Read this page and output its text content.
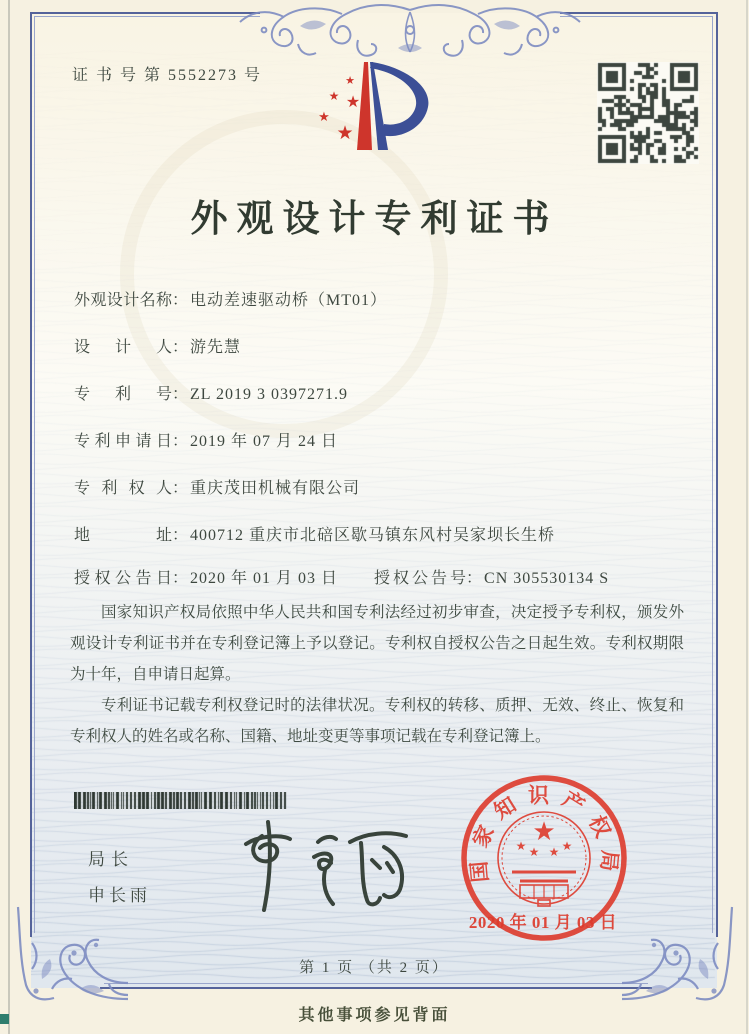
证 书 号 第 5552273 号	★
★ ★
★
★
外观设计专利证书
外观设计名称： 电动差速驱动桥（MT01）
设计人： 游先慧
专利号： ZL 2019 3 0397271.9
专利申请日： 2019 年 07 月 24 日
专利权人： 重庆茂田机械有限公司
地址： 400712 重庆市北碚区歇马镇东风村吴家坝长生桥
授权公告日： 2020 年 01 月 03 日 授权公告号： CN 305530134 S

国家知识产权局依照中华人民共和国专利法经过初步审查，决定授予专利权，颁发外观设计专利证书并在专利登记簿上予以登记。专利权自授权公告之日起生效。专利权期限为十年，自申请日起算。

专利证书记载专利权登记时的法律状况。专利权的转移、质押、无效、终止、恢复和专利权人的姓名或名称、国籍、地址变更等事项记载在专利登记簿上。

局长
申长雨
国家知识产权局
★
★ ★ ★ ★
2020 年 01 月 03 日
第 1 页 （共 2 页）
其他事项参见背面
